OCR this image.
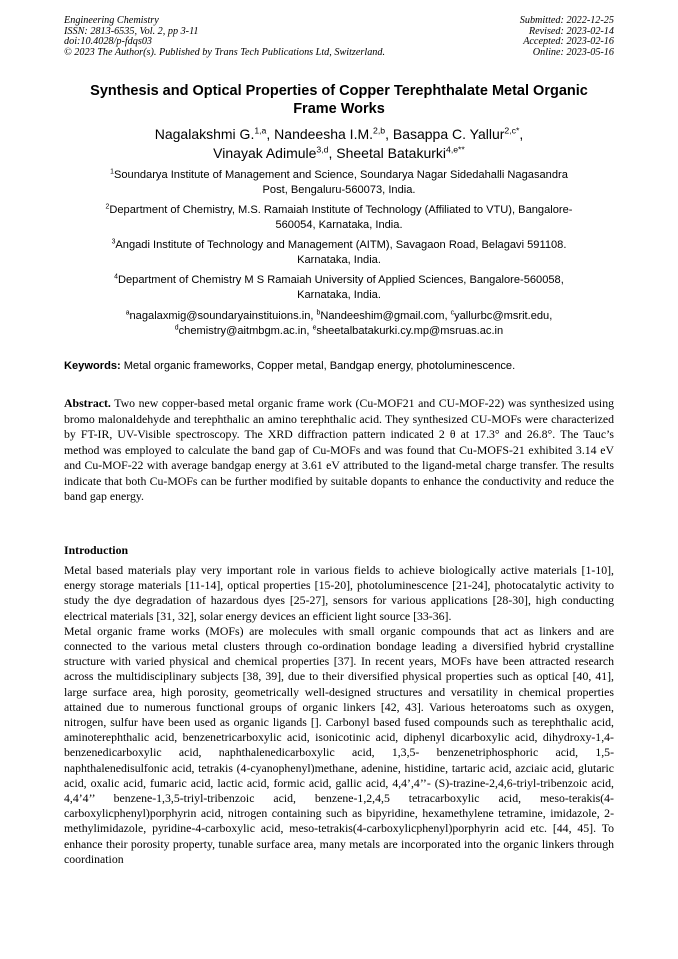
Engineering Chemistry
ISSN: 2813-6535, Vol. 2, pp 3-11
doi:10.4028/p-fdqs03
© 2023 The Author(s). Published by Trans Tech Publications Ltd, Switzerland.
Submitted: 2022-12-25
Revised: 2023-02-14
Accepted: 2023-02-16
Online: 2023-05-16
Synthesis and Optical Properties of Copper Terephthalate Metal Organic
Frame Works
Nagalakshmi G.$^{1,a}$, Nandeesha I.M.$^{2,b}$, Basappa C. Yallur$^{2,c*}$,
Vinayak Adimule$^{3,d}$, Sheetal Batakurki$^{4,e**}$

$^1$Soundarya Institute of Management and Science, Soundarya Nagar Sidedahalli Nagasandra
Post, Bengaluru-560073, India.

$^2$Department of Chemistry, M.S. Ramaiah Institute of Technology (Affiliated to VTU), Bangalore-
560054, Karnataka, India.

$^3$Angadi Institute of Technology and Management (AITM), Savagaon Road, Belagavi 591108.
Karnataka, India.

$^4$Department of Chemistry M S Ramaiah University of Applied Sciences, Bangalore-560058,
Karnataka, India.

$^a$nagalaxmig@soundaryainstituions.in, $^b$Nandeeshim@gmail.com, $^c$yallurbc@msrit.edu,
$^d$chemistry@aitmbgm.ac.in, $^e$sheetalbatakurki.cy.mp@msruas.ac.in
Keywords: Metal organic frameworks, Copper metal, Bandgap energy, photoluminescence.
Abstract. Two new copper-based metal organic frame work (Cu-MOF21 and CU-MOF-22) was synthesized using bromo malonaldehyde and terephthalic an amino terephthalic acid. They synthesized CU-MOFs were characterized by FT-IR, UV-Visible spectroscopy. The XRD diffraction pattern indicated 2 θ at 17.3° and 26.8°. The Tauc’s method was employed to calculate the band gap of Cu-MOFs and was found that Cu-MOFS-21 exhibited 3.14 eV and Cu-MOF-22 with average bandgap energy at 3.61 eV attributed to the ligand-metal charge transfer. The results indicate that both Cu-MOFs can be further modified by suitable dopants to enhance the conductivity and reduce the band gap energy.
Introduction

Metal based materials play very important role in various fields to achieve biologically active materials [1-10], energy storage materials [11-14], optical properties [15-20], photoluminescence [21-24], photocatalytic activity to study the dye degradation of hazardous dyes [25-27], sensors for various applications [28-30], high conducting electrical materials [31, 32], solar energy devices an efficient light source [33-36].

Metal organic frame works (MOFs) are molecules with small organic compounds that act as linkers and are connected to the various metal clusters through co-ordination bondage leading a diversified hybrid crystalline structure with varied physical and chemical properties [37]. In recent years, MOFs have been attracted research across the multidisciplinary subjects [38, 39], due to their diversified physical properties such as optical [40, 41], large surface area, high porosity, geometrically well-designed structures and versatility in chemical properties attained due to numerous functional groups of organic linkers [42, 43]. Various heteroatoms such as oxygen, nitrogen, sulfur have been used as organic ligands []. Carbonyl based fused compounds such as terephthalic acid, aminoterephthalic acid, benzenetricarboxylic acid, isonicotinic acid, diphenyl dicarboxylic acid, dihydroxy-1,4-benzenedicarboxylic acid, naphthalenedicarboxylic acid, 1,3,5- benzenetriphosphoric acid, 1,5-naphthalenedisulfonic acid, tetrakis (4-cyanophenyl)methane, adenine, histidine, tartaric acid, azciaic acid, glutaric acid, oxalic acid, fumaric acid, lactic acid, formic acid, gallic acid, 4,4’,4’’- (S)-trazine-2,4,6-triyl-tribenzoic acid, 4,4’4’’ benzene-1,3,5-triyl-tribenzoic acid, benzene-1,2,4,5 tetracarboxylic acid, meso-terakis(4-carboxylicphenyl)porphyrin acid, nitrogen containing such as bipyridine, hexamethylene tetramine, imidazole, 2-methylimidazole, pyridine-4-carboxylic acid, meso-tetrakis(4-carboxylicphenyl)porphyrin acid etc. [44, 45]. To enhance their porosity property, tunable surface area, many metals are incorporated into the organic linkers through coordination
